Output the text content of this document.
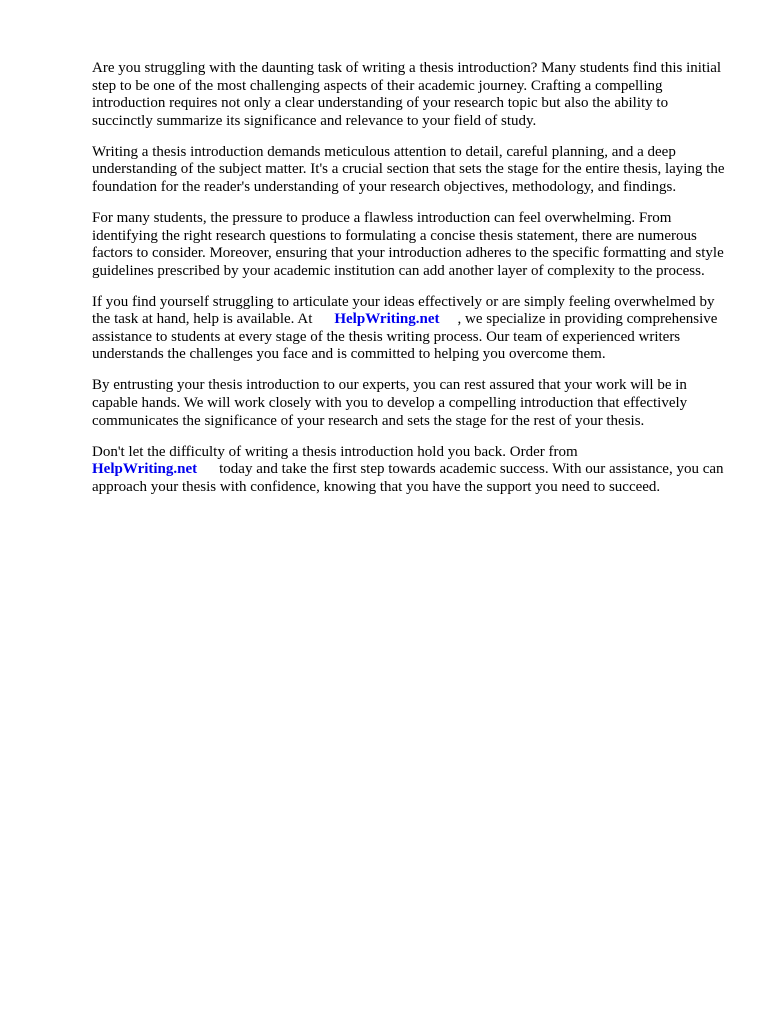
Are you struggling with the daunting task of writing a thesis introduction? Many students find this initial step to be one of the most challenging aspects of their academic journey. Crafting a compelling introduction requires not only a clear understanding of your research topic but also the ability to succinctly summarize its significance and relevance to your field of study.

Writing a thesis introduction demands meticulous attention to detail, careful planning, and a deep understanding of the subject matter. It's a crucial section that sets the stage for the entire thesis, laying the foundation for the reader's understanding of your research objectives, methodology, and findings.

For many students, the pressure to produce a flawless introduction can feel overwhelming. From identifying the right research questions to formulating a concise thesis statement, there are numerous factors to consider. Moreover, ensuring that your introduction adheres to the specific formatting and style guidelines prescribed by your academic institution can add another layer of complexity to the process.

If you find yourself struggling to articulate your ideas effectively or are simply feeling overwhelmed by the task at hand, help is available. At HelpWriting.net , we specialize in providing comprehensive assistance to students at every stage of the thesis writing process. Our team of experienced writers understands the challenges you face and is committed to helping you overcome them.

By entrusting your thesis introduction to our experts, you can rest assured that your work will be in capable hands. We will work closely with you to develop a compelling introduction that effectively communicates the significance of your research and sets the stage for the rest of your thesis.

Don't let the difficulty of writing a thesis introduction hold you back. Order from
HelpWriting.net today and take the first step towards academic success. With our assistance, you can approach your thesis with confidence, knowing that you have the support you need to succeed.
